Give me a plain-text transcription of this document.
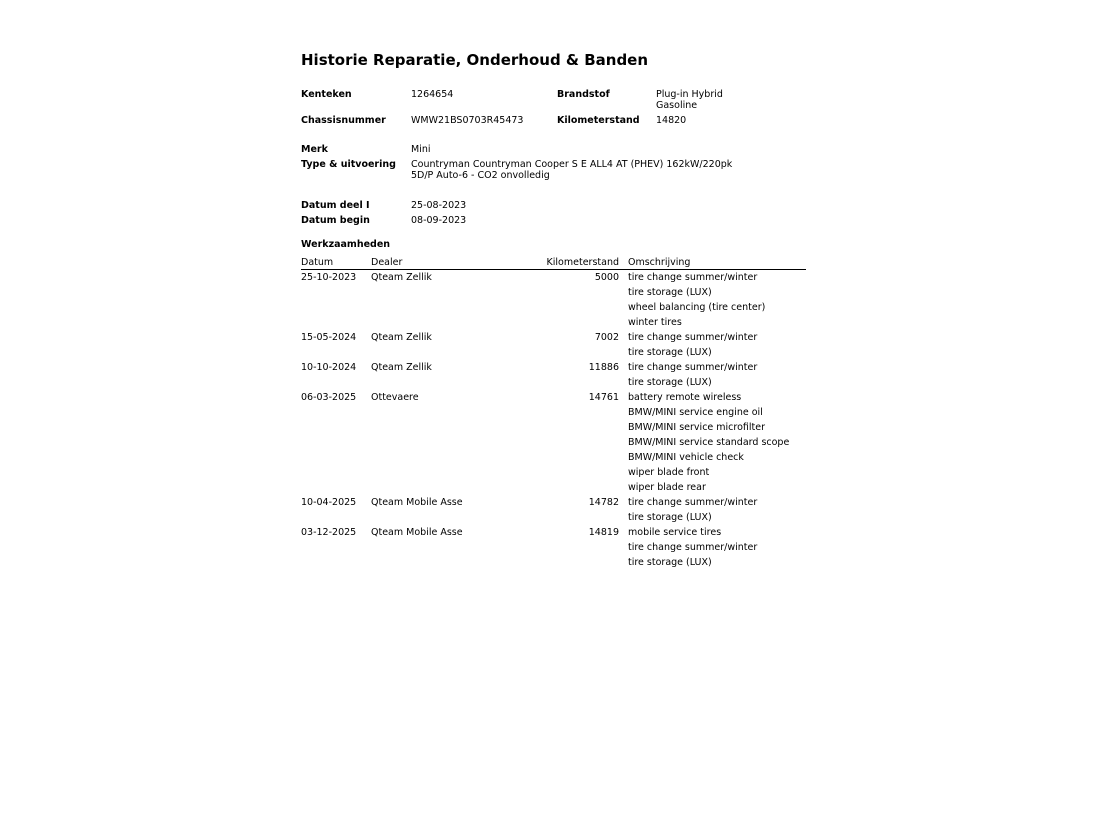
Historie Reparatie, Onderhoud & Banden
Kenteken	1264654	Brandstof	Plug-in Hybrid
Gasoline
Chassisnummer	WMW21BS0703R45473	Kilometerstand 14820
Merk	Mini
Type & uitvoering Countryman Countryman Cooper S E ALL4 AT (PHEV) 162kW/220pk
5D/P Auto-6 - CO2 onvolledig
Datum deel I	25-08-2023
Datum begin	08-09-2023
Werkzaamheden
Datum	Dealer	Kilometerstand Omschrijving
25-10-2023 Qteam Zellik	5000 tire change summer/winter
tire storage (LUX)
wheel balancing (tire center)
winter tires
15-05-2024 Qteam Zellik	7002 tire change summer/winter
tire storage (LUX)
10-10-2024 Qteam Zellik	11886 tire change summer/winter
tire storage (LUX)
06-03-2025 Ottevaere	14761 battery remote wireless
BMW/MINI service engine oil
BMW/MINI service microfilter
BMW/MINI service standard scope
BMW/MINI vehicle check
wiper blade front
wiper blade rear
10-04-2025 Qteam Mobile Asse	14782 tire change summer/winter
tire storage (LUX)
03-12-2025 Qteam Mobile Asse	14819 mobile service tires
tire change summer/winter
tire storage (LUX)
